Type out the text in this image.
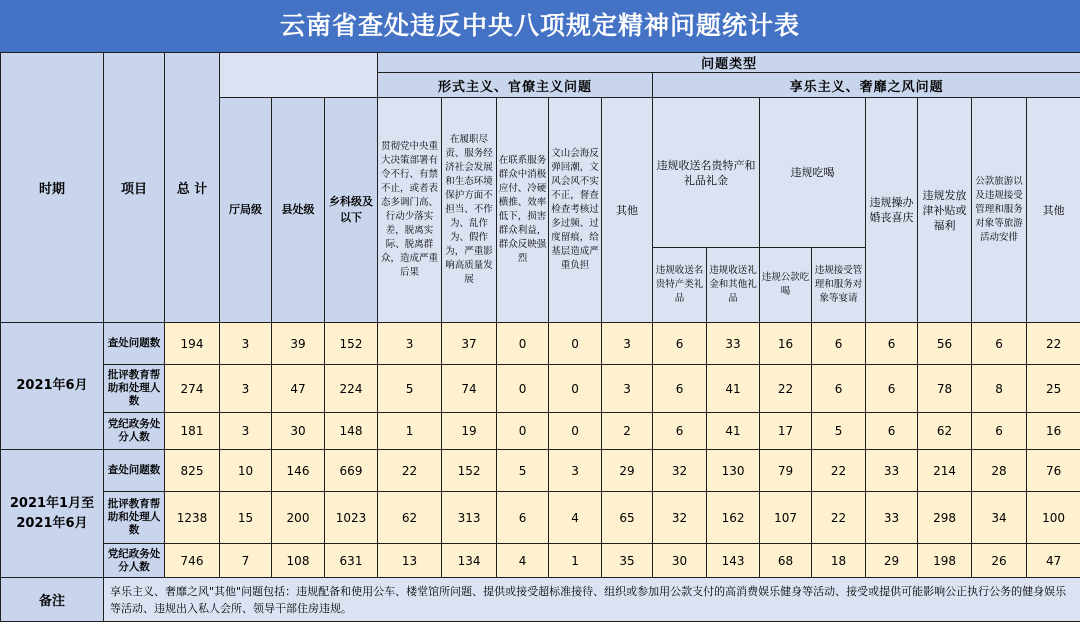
云南省查处违反中央八项规定精神问题统计表
时期	项目	总 计				问题类型												
						形式主义、官僚主义问题					享乐主义、奢靡之风问题							
			厅局级	县处级	乡科级及以下	贯彻党中央重大决策部署有令不行、有禁不止，或者表态多调门高、行动少落实差，脱离实际、脱离群众，造成严重后果	在履职尽责、服务经济社会发展和生态环境保护方面不担当、不作为、乱作为、假作为，严重影响高质量发展	在联系服务群众中消极应付、冷硬横推、效率低下，损害群众利益，群众反映强烈	文山会海反弹回潮，文风会风不实不正，督查检查考核过多过频、过度留痕，给基层造成严重负担	其他	违规收送名贵特产和礼品礼金		违规吃喝		违规操办婚丧喜庆	违规发放津补贴或福利	公款旅游以及违规接受管理和服务对象等旅游活动安排	其他
											违规收送名贵特产类礼品	违规收送礼金和其他礼品	违规公款吃喝	违规接受管理和服务对象等宴请				
2021年6月	查处问题数	194	3	39	152	3	37	0	0	3	6	33	16	6	6	56	6	22
	批评教育帮助和处理人数	274	3	47	224	5	74	0	0	3	6	41	22	6	6	78	8	25
	党纪政务处分人数	181	3	30	148	1	19	0	0	2	6	41	17	5	6	62	6	16
2021年1月至2021年6月	查处问题数	825	10	146	669	22	152	5	3	29	32	130	79	22	33	214	28	76
	批评教育帮助和处理人数	1238	15	200	1023	62	313	6	4	65	32	162	107	22	33	298	34	100
	党纪政务处分人数	746	7	108	631	13	134	4	1	35	30	143	68	18	29	198	26	47
备注	享乐主义、奢靡之风"其他"问题包括：违规配备和使用公车、楼堂馆所问题、提供或接受超标准接待、组织或参加用公款支付的高消费娱乐健身等活动、接受或提供可能影响公正执行公务的健身娱乐等活动、违规出入私人会所、领导干部住房违规。																	
